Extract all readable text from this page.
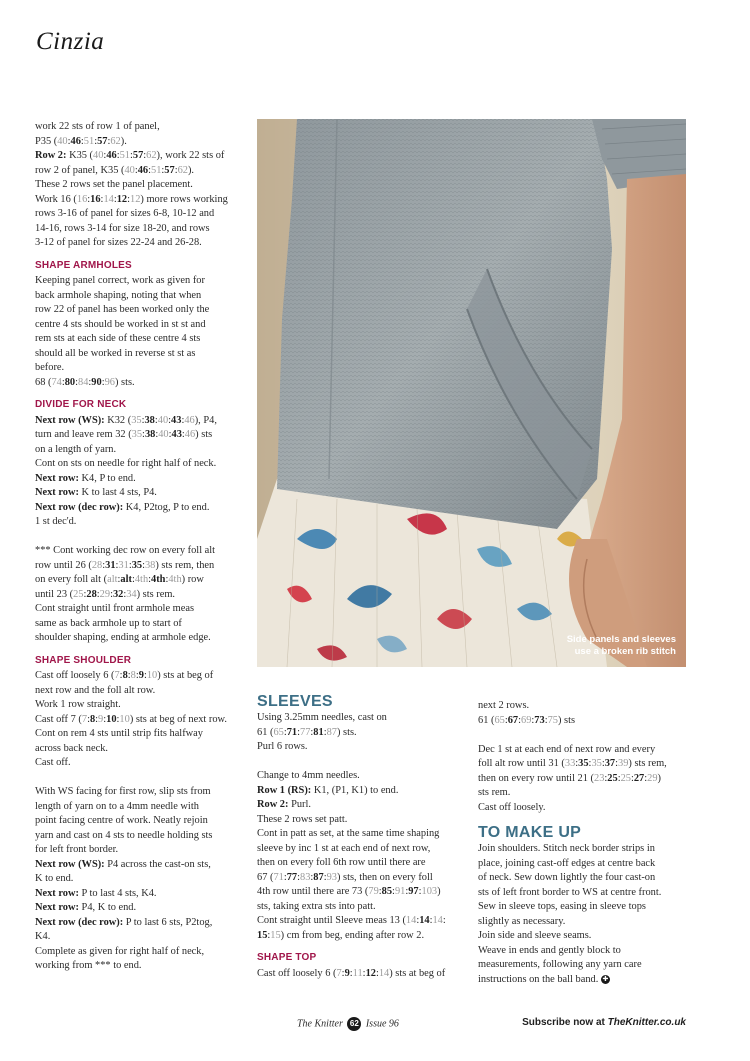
Cinzia

work 22 sts of row 1 of panel,

P35 (40:46:51:57:62).

Row 2: K35 (40:46:51:57:62), work 22 sts of

row 2 of panel, K35 (40:46:51:57:62).

These 2 rows set the panel placement.

Work 16 (16:16:14:12:12) more rows working

rows 3-16 of panel for sizes 6-8, 10-12 and

14-16, rows 3-14 for size 18-20, and rows

3-12 of panel for sizes 22-24 and 26-28.

SHAPE ARMHOLES

Keeping panel correct, work as given for

back armhole shaping, noting that when

row 22 of panel has been worked only the

centre 4 sts should be worked in st st and

rem sts at each side of these centre 4 sts

should all be worked in reverse st st as

before.

68 (74:80:84:90:96) sts.

DIVIDE FOR NECK

Next row (WS): K32 (35:38:40:43:46), P4,

turn and leave rem 32 (35:38:40:43:46) sts

on a length of yarn.

Cont on sts on needle for right half of neck.

Next row: K4, P to end.

Next row: K to last 4 sts, P4.

Next row (dec row): K4, P2tog, P to end.

1 st dec'd.

*** Cont working dec row on every foll alt

row until 26 (28:31:31:35:38) sts rem, then

on every foll alt (alt:alt:4th:4th:4th) row

until 23 (25:28:29:32:34) sts rem.

Cont straight until front armhole meas

same as back armhole up to start of

shoulder shaping, ending at armhole edge.

SHAPE SHOULDER

Cast off loosely 6 (7:8:8:9:10) sts at beg of

next row and the foll alt row.

Work 1 row straight.

Cast off 7 (7:8:9:10:10) sts at beg of next row.

Cont on rem 4 sts until strip fits halfway

across back neck.

Cast off.

With WS facing for first row, slip sts from

length of yarn on to a 4mm needle with

point facing centre of work. Neatly rejoin

yarn and cast on 4 sts to needle holding sts

for left front border.

Next row (WS): P4 across the cast-on sts,

K to end.

Next row: P to last 4 sts, K4.

Next row: P4, K to end.

Next row (dec row): P to last 6 sts, P2tog,

K4.

Complete as given for right half of neck,

working from *** to end.

Side panels and sleeves use a broken rib stitch

SLEEVES

Using 3.25mm needles, cast on

61 (65:71:77:81:87) sts.

Purl 6 rows.

Change to 4mm needles.

Row 1 (RS): K1, (P1, K1) to end.

Row 2: Purl.

These 2 rows set patt.

Cont in patt as set, at the same time shaping

sleeve by inc 1 st at each end of next row,

then on every foll 6th row until there are

67 (71:77:83:87:93) sts, then on every foll

4th row until there are 73 (79:85:91:97:103)

sts, taking extra sts into patt.

Cont straight until Sleeve meas 13 (14:14:14:

15:15) cm from beg, ending after row 2.

SHAPE TOP

Cast off loosely 6 (7:9:11:12:14) sts at beg of

next 2 rows.

61 (65:67:69:73:75) sts

Dec 1 st at each end of next row and every

foll alt row until 31 (33:35:35:37:39) sts rem,

then on every row until 21 (23:25:25:27:29)

sts rem.

Cast off loosely.

TO MAKE UP

Join shoulders. Stitch neck border strips in

place, joining cast-off edges at centre back

of neck. Sew down lightly the four cast-on

sts of left front border to WS at centre front.

Sew in sleeve tops, easing in sleeve tops

slightly as necessary.

Join side and sleeve seams.

Weave in ends and gently block to

measurements, following any yarn care

instructions on the ball band. ✚

The Knitter 62 Issue 96	Subscribe now at TheKnitter.co.uk
